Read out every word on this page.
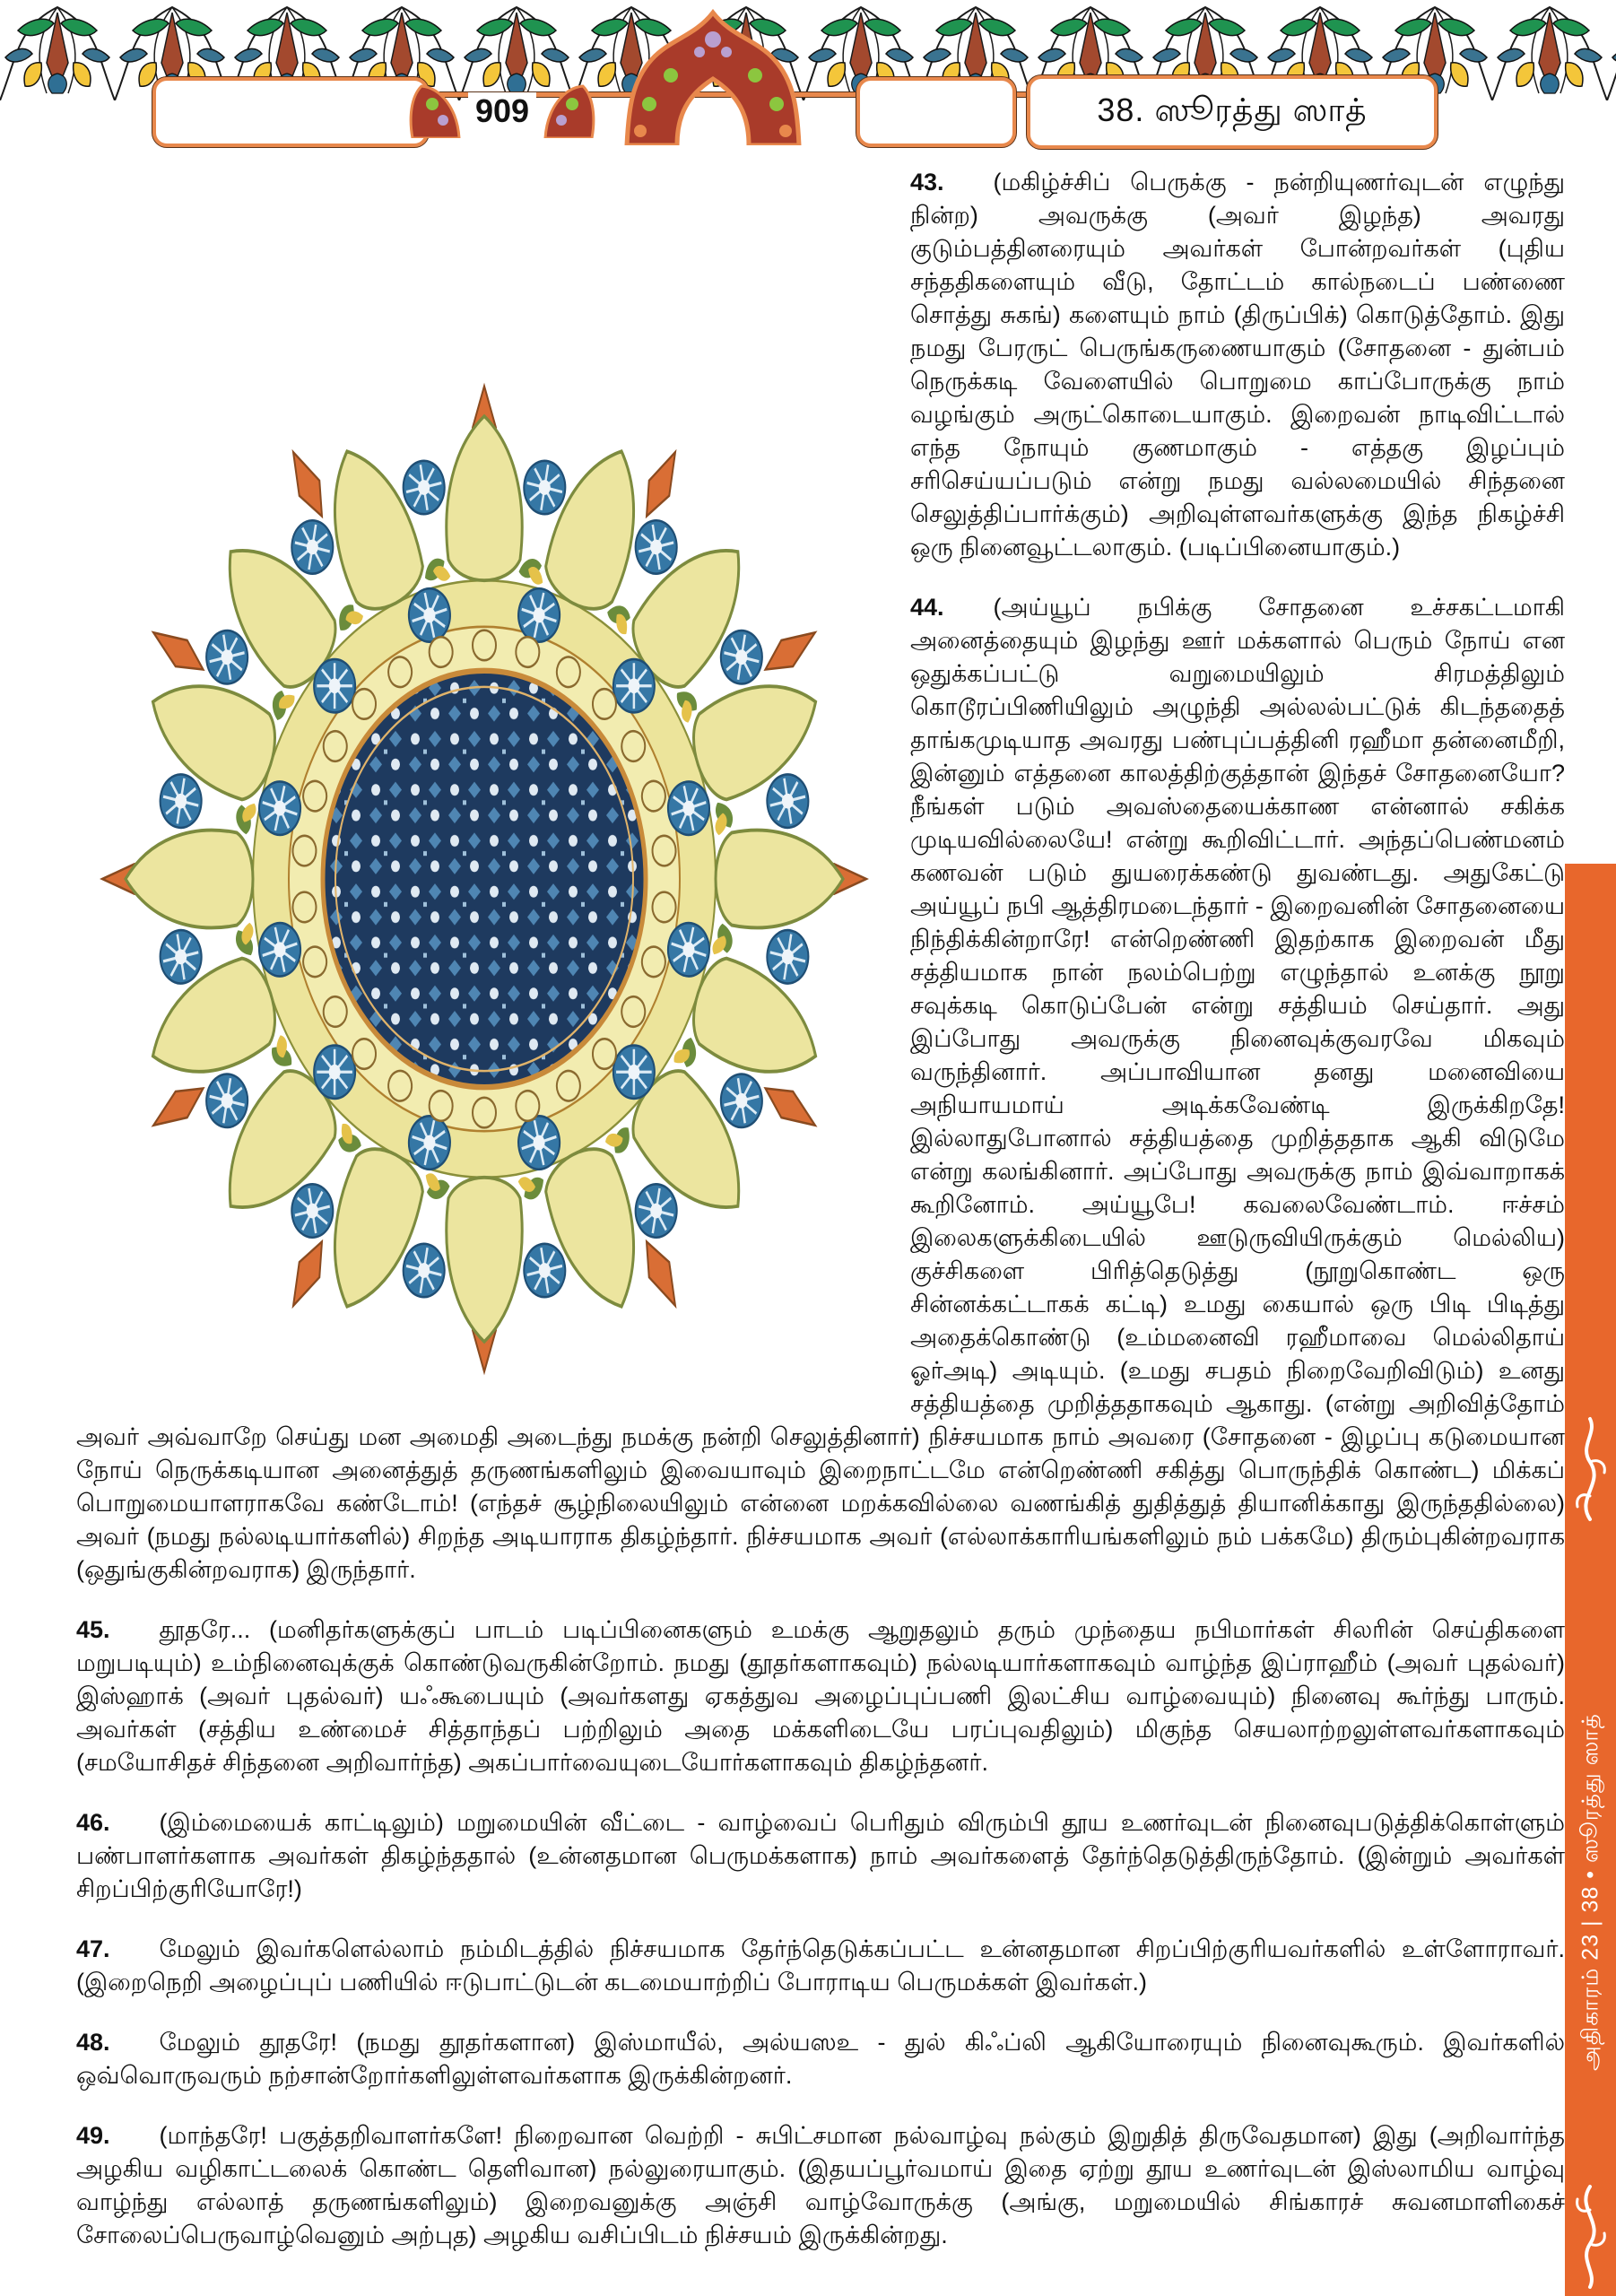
909	38. ஸூரத்து ஸாத்

43. (மகிழ்ச்சிப் பெருக்கு - நன்றியுணர்வுடன் எழுந்து நின்ற) அவருக்கு (அவர் இழந்த) அவரது குடும்பத்தினரையும் அவர்கள் போன்றவர்கள் (புதிய சந்ததிகளையும் வீடு, தோட்டம் கால்நடைப் பண்ணை சொத்து சுகங்) களையும் நாம் (திருப்பிக்) கொடுத்தோம். இது நமது பேரருட் பெருங்கருணையாகும் (சோதனை - துன்பம் நெருக்கடி வேளையில் பொறுமை காப்போருக்கு நாம் வழங்கும் அருட்கொடையாகும். இறைவன் நாடிவிட்டால் எந்த நோயும் குணமாகும் - எத்தகு இழப்பும் சரிசெய்யப்படும் என்று நமது வல்லமையில் சிந்தனை செலுத்திப்பார்க்கும்) அறிவுள்ளவர்களுக்கு இந்த நிகழ்ச்சி ஒரு நினைவூட்டலாகும். (படிப்பினையாகும்.)

44. (அய்யூப் நபிக்கு சோதனை உச்சகட்டமாகி அனைத்தையும் இழந்து ஊர் மக்களால் பெரும் நோய் என ஒதுக்கப்பட்டு வறுமையிலும் சிரமத்திலும் கொடூரப்பிணியிலும் அழுந்தி அல்லல்பட்டுக் கிடந்ததைத் தாங்கமுடியாத அவரது பண்புப்பத்தினி ரஹீமா தன்னைமீறி, இன்னும் எத்தனை காலத்திற்குத்தான் இந்தச் சோதனையோ? நீங்கள் படும் அவஸ்தையைக்காண என்னால் சகிக்க முடியவில்லையே! என்று கூறிவிட்டார். அந்தப்பெண்மனம் கணவன் படும் துயரைக்கண்டு துவண்டது. அதுகேட்டு அய்யூப் நபி ஆத்திரமடைந்தார் - இறைவனின் சோதனையை நிந்திக்கின்றாரே! என்றெண்ணி இதற்காக இறைவன் மீது சத்தியமாக நான் நலம்பெற்று எழுந்தால் உனக்கு நூறு சவுக்கடி கொடுப்பேன் என்று சத்தியம் செய்தார். அது இப்போது அவருக்கு நினைவுக்குவரவே மிகவும் வருந்தினார். அப்பாவியான தனது மனைவியை அநியாயமாய் அடிக்கவேண்டி இருக்கிறதே! இல்லாதுபோனால் சத்தியத்தை முறித்ததாக ஆகி விடுமே என்று கலங்கினார். அப்போது அவருக்கு நாம் இவ்வாறாகக் கூறினோம். அய்யூபே! கவலைவேண்டாம். ஈச்சம் இலைகளுக்கிடையில் ஊடுருவியிருக்கும் மெல்லிய) குச்சிகளை பிரித்தெடுத்து (நூறுகொண்ட ஒரு சின்னக்கட்டாகக் கட்டி) உமது கையால் ஒரு பிடி பிடித்து அதைக்கொண்டு (உம்மனைவி ரஹீமாவை மெல்லிதாய் ஓர்அடி) அடியும். (உமது சபதம் நிறைவேறிவிடும்) உனது சத்தியத்தை முறித்ததாகவும் ஆகாது. (என்று அறிவித்தோம் அவர் அவ்வாறே செய்து மன அமைதி அடைந்து நமக்கு நன்றி செலுத்தினார்) நிச்சயமாக நாம் அவரை (சோதனை - இழப்பு கடுமையான நோய் நெருக்கடியான அனைத்துத் தருணங்களிலும் இவையாவும் இறைநாட்டமே என்றெண்ணி சகித்து பொருந்திக் கொண்ட) மிக்கப் பொறுமையாளராகவே கண்டோம்! (எந்தச் சூழ்நிலையிலும் என்னை மறக்கவில்லை வணங்கித் துதித்துத் தியானிக்காது இருந்ததில்லை) அவர் (நமது நல்லடியார்களில்) சிறந்த அடியாராக திகழ்ந்தார். நிச்சயமாக அவர் (எல்லாக்காரியங்களிலும் நம் பக்கமே) திரும்புகின்றவராக (ஒதுங்குகின்றவராக) இருந்தார்.

45. தூதரே... (மனிதர்களுக்குப் பாடம் படிப்பினைகளும் உமக்கு ஆறுதலும் தரும் முந்தைய நபிமார்கள் சிலரின் செய்திகளை மறுபடியும்) உம்நினைவுக்குக் கொண்டுவருகின்றோம். நமது (தூதர்களாகவும்) நல்லடியார்களாகவும் வாழ்ந்த இப்ராஹீம் (அவர் புதல்வர்) இஸ்ஹாக் (அவர் புதல்வர்) யஃகூபையும் (அவர்களது ஏகத்துவ அழைப்புப்பணி இலட்சிய வாழ்வையும்) நினைவு கூர்ந்து பாரும். அவர்கள் (சத்திய உண்மைச் சித்தாந்தப் பற்றிலும் அதை மக்களிடையே பரப்புவதிலும்) மிகுந்த செயலாற்றலுள்ளவர்களாகவும் (சமயோசிதச் சிந்தனை அறிவார்ந்த) அகப்பார்வையுடையோர்களாகவும் திகழ்ந்தனர்.

46. (இம்மையைக் காட்டிலும்) மறுமையின் வீட்டை - வாழ்வைப் பெரிதும் விரும்பி தூய உணர்வுடன் நினைவுபடுத்திக்கொள்ளும் பண்பாளர்களாக அவர்கள் திகழ்ந்ததால் (உன்னதமான பெருமக்களாக) நாம் அவர்களைத் தேர்ந்தெடுத்திருந்தோம். (இன்றும் அவர்கள் சிறப்பிற்குரியோரே!)

47. மேலும் இவர்களெல்லாம் நம்மிடத்தில் நிச்சயமாக தேர்ந்தெடுக்கப்பட்ட உன்னதமான சிறப்பிற்குரியவர்களில் உள்ளோராவர். (இறைநெறி அழைப்புப் பணியில் ஈடுபாட்டுடன் கடமையாற்றிப் போராடிய பெருமக்கள் இவர்கள்.)

48. மேலும் தூதரே! (நமது தூதர்களான) இஸ்மாயீல், அல்யஸஉ - துல் கிஃப்லி ஆகியோரையும் நினைவுகூரும். இவர்களில் ஒவ்வொருவரும் நற்சான்றோர்களிலுள்ளவர்களாக இருக்கின்றனர்.

49. (மாந்தரே! பகுத்தறிவாளர்களே! நிறைவான வெற்றி - சுபிட்சமான நல்வாழ்வு நல்கும் இறுதித் திருவேதமான) இது (அறிவார்ந்த அழகிய வழிகாட்டலைக் கொண்ட தெளிவான) நல்லுரையாகும். (இதயப்பூர்வமாய் இதை ஏற்று தூய உணர்வுடன் இஸ்லாமிய வாழ்வு வாழ்ந்து எல்லாத் தருணங்களிலும்) இறைவனுக்கு அஞ்சி வாழ்வோருக்கு (அங்கு, மறுமையில் சிங்காரச் சுவனமாளிகைச் சோலைப்பெருவாழ்வெனும் அற்புத) அழகிய வசிப்பிடம் நிச்சயம் இருக்கின்றது.

அதிகாரம் 23 | 38 • ஸூரத்து ஸாத்
